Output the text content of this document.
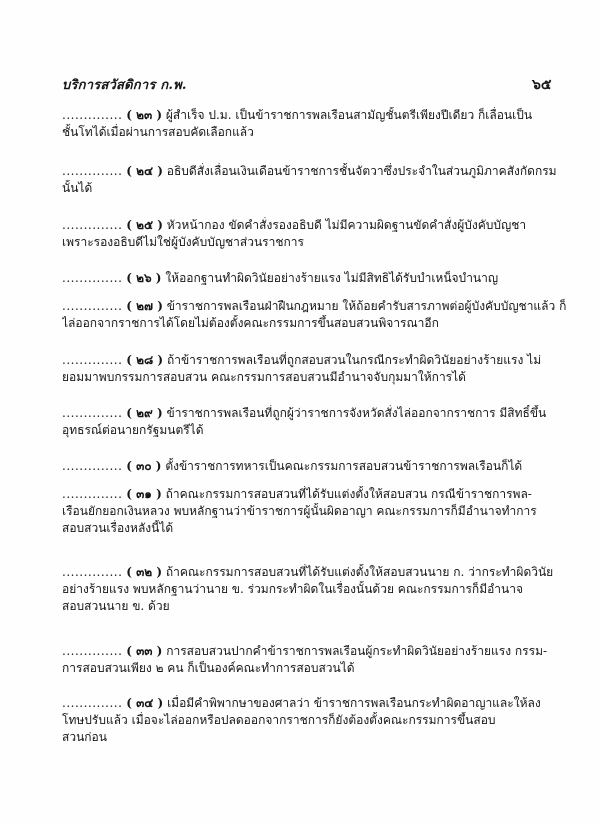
บริการสวัสดิการ ก.พ.	๖๕
.............. ( ๒๓ ) ผู้สำเร็จ ป.ม. เป็นข้าราชการพลเรือนสามัญชั้นตรีเพียงปีเดียว ก็เลื่อนเป็น
ชั้นโทได้เมื่อผ่านการสอบคัดเลือกแล้ว
.............. ( ๒๔ ) อธิบดีสั่งเลื่อนเงินเดือนข้าราชการชั้นจัตวาซึ่งประจำในส่วนภูมิภาคสังกัดกรม
นั้นได้
.............. ( ๒๕ ) หัวหน้ากอง ขัดคำสั่งรองอธิบดี ไม่มีความผิดฐานขัดคำสั่งผู้บังคับบัญชา
เพราะรองอธิบดีไม่ใช่ผู้บังคับบัญชาส่วนราชการ
.............. ( ๒๖ ) ให้ออกฐานทำผิดวินัยอย่างร้ายแรง ไม่มีสิทธิได้รับบำเหน็จบำนาญ
.............. ( ๒๗ ) ข้าราชการพลเรือนฝ่าฝืนกฎหมาย ให้ถ้อยคำรับสารภาพต่อผู้บังคับบัญชาแล้ว ก็
ไล่ออกจากราชการได้โดยไม่ต้องตั้งคณะกรรมการขึ้นสอบสวนพิจารณาอีก
.............. ( ๒๘ ) ถ้าข้าราชการพลเรือนที่ถูกสอบสวนในกรณีกระทำผิดวินัยอย่างร้ายแรง ไม่
ยอมมาพบกรรมการสอบสวน คณะกรรมการสอบสวนมีอำนาจจับกุมมาให้การได้
.............. ( ๒๙ ) ข้าราชการพลเรือนที่ถูกผู้ว่าราชการจังหวัดสั่งไล่ออกจากราชการ มีสิทธิ์ขึ้น
อุทธรณ์ต่อนายกรัฐมนตรีได้
.............. ( ๓๐ ) ตั้งข้าราชการทหารเป็นคณะกรรมการสอบสวนข้าราชการพลเรือนก็ได้
.............. ( ๓๑ ) ถ้าคณะกรรมการสอบสวนที่ได้รับแต่งตั้งให้สอบสวน กรณีข้าราชการพล-
เรือนยักยอกเงินหลวง พบหลักฐานว่าข้าราชการผู้นั้นผิดอาญา คณะกรรมการก็มีอำนาจทำการ
สอบสวนเรื่องหลังนี้ได้
.............. ( ๓๒ ) ถ้าคณะกรรมการสอบสวนที่ได้รับแต่งตั้งให้สอบสวนนาย ก. ว่ากระทำผิดวินัย
อย่างร้ายแรง พบหลักฐานว่านาย ข. ร่วมกระทำผิดในเรื่องนั้นด้วย คณะกรรมการก็มีอำนาจ
สอบสวนนาย ข. ด้วย
.............. ( ๓๓ ) การสอบสวนปากคำข้าราชการพลเรือนผู้กระทำผิดวินัยอย่างร้ายแรง กรรม-
การสอบสวนเพียง ๒ คน ก็เป็นองค์คณะทำการสอบสวนได้
.............. ( ๓๔ ) เมื่อมีคำพิพากษาของศาลว่า ข้าราชการพลเรือนกระทำผิดอาญาและให้ลง
โทษปรับแล้ว เมื่อจะไล่ออกหรือปลดออกจากราชการก็ยังต้องตั้งคณะกรรมการขึ้นสอบ
สวนก่อน
